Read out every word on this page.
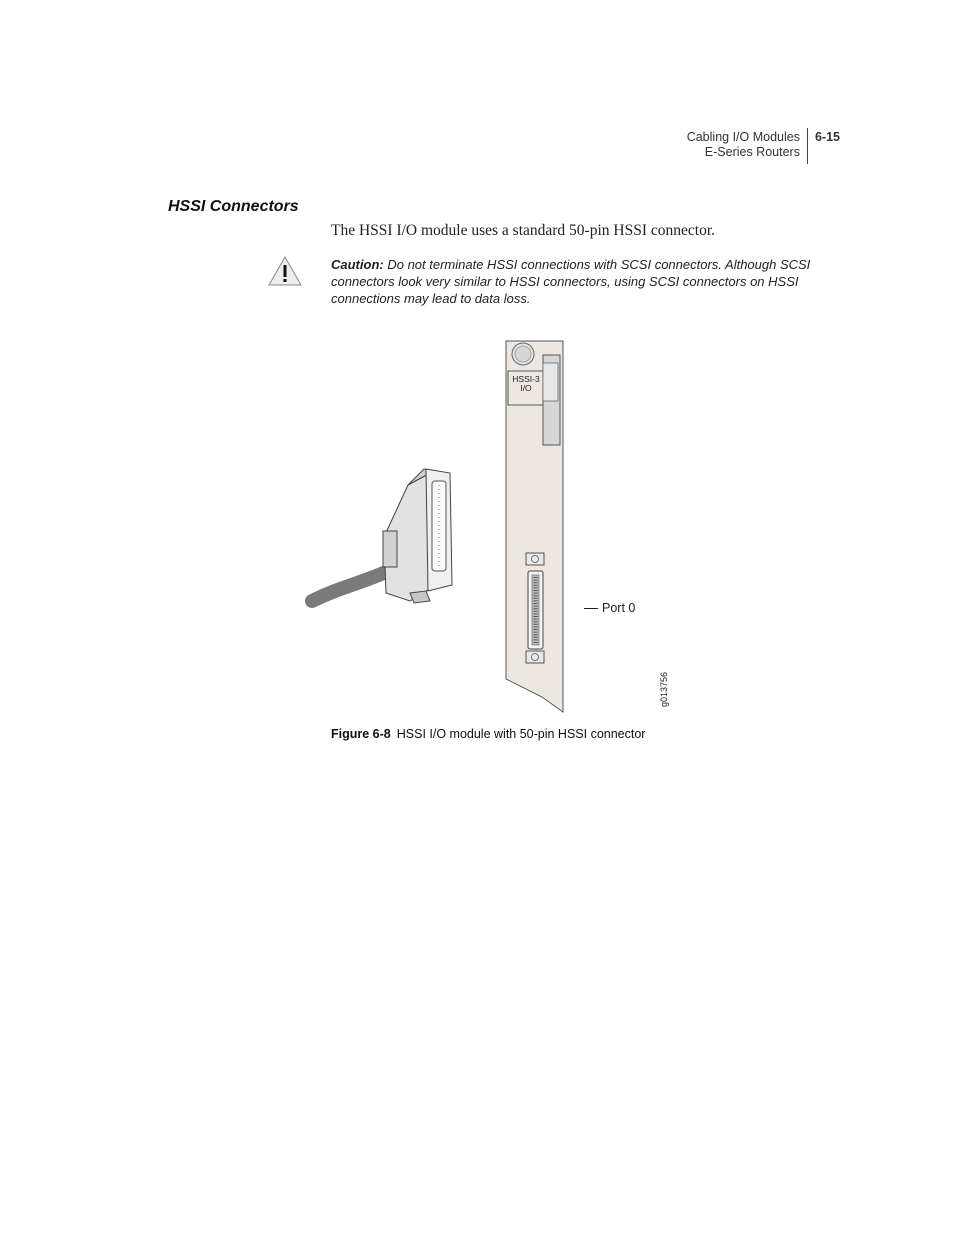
Cabling I/O Modules
E-Series Routers
6-15
HSSI Connectors

The HSSI I/O module uses a standard 50-pin HSSI connector.

Caution: Do not terminate HSSI connections with SCSI connectors. Although SCSI connectors look very similar to HSSI connectors, using SCSI connectors on HSSI connections may lead to data loss.

HSSI-3
I/O
Port 0
g013756

Figure 6-8 HSSI I/O module with 50-pin HSSI connector
